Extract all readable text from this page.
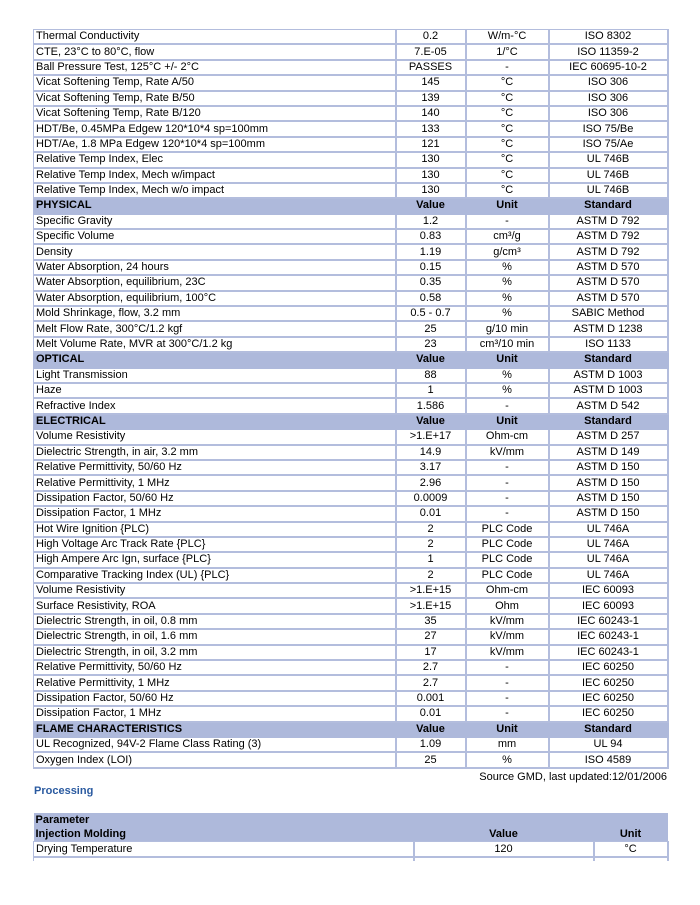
Thermal Conductivity	0.2	W/m-°C	ISO 8302
CTE, 23°C to 80°C, flow	7.E-05	1/°C	ISO 11359-2
Ball Pressure Test, 125°C +/- 2°C	PASSES	-	IEC 60695-10-2
Vicat Softening Temp, Rate A/50	145	°C	ISO 306
Vicat Softening Temp, Rate B/50	139	°C	ISO 306
Vicat Softening Temp, Rate B/120	140	°C	ISO 306
HDT/Be, 0.45MPa Edgew 120*10*4 sp=100mm	133	°C	ISO 75/Be
HDT/Ae, 1.8 MPa Edgew 120*10*4 sp=100mm	121	°C	ISO 75/Ae
Relative Temp Index, Elec	130	°C	UL 746B
Relative Temp Index, Mech w/impact	130	°C	UL 746B
Relative Temp Index, Mech w/o impact	130	°C	UL 746B
PHYSICAL	Value	Unit	Standard
Specific Gravity	1.2	-	ASTM D 792
Specific Volume	0.83	cm³/g	ASTM D 792
Density	1.19	g/cm³	ASTM D 792
Water Absorption, 24 hours	0.15	%	ASTM D 570
Water Absorption, equilibrium, 23C	0.35	%	ASTM D 570
Water Absorption, equilibrium, 100°C	0.58	%	ASTM D 570
Mold Shrinkage, flow, 3.2 mm	0.5 - 0.7	%	SABIC Method
Melt Flow Rate, 300°C/1.2 kgf	25	g/10 min	ASTM D 1238
Melt Volume Rate, MVR at 300°C/1.2 kg	23	cm³/10 min	ISO 1133
OPTICAL	Value	Unit	Standard
Light Transmission	88	%	ASTM D 1003
Haze	1	%	ASTM D 1003
Refractive Index	1.586	-	ASTM D 542
ELECTRICAL	Value	Unit	Standard
Volume Resistivity	>1.E+17	Ohm-cm	ASTM D 257
Dielectric Strength, in air, 3.2 mm	14.9	kV/mm	ASTM D 149
Relative Permittivity, 50/60 Hz	3.17	-	ASTM D 150
Relative Permittivity, 1 MHz	2.96	-	ASTM D 150
Dissipation Factor, 50/60 Hz	0.0009	-	ASTM D 150
Dissipation Factor, 1 MHz	0.01	-	ASTM D 150
Hot Wire Ignition {PLC)	2	PLC Code	UL 746A
High Voltage Arc Track Rate {PLC}	2	PLC Code	UL 746A
High Ampere Arc Ign, surface {PLC}	1	PLC Code	UL 746A
Comparative Tracking Index (UL) {PLC}	2	PLC Code	UL 746A
Volume Resistivity	>1.E+15	Ohm-cm	IEC 60093
Surface Resistivity, ROA	>1.E+15	Ohm	IEC 60093
Dielectric Strength, in oil, 0.8 mm	35	kV/mm	IEC 60243-1
Dielectric Strength, in oil, 1.6 mm	27	kV/mm	IEC 60243-1
Dielectric Strength, in oil, 3.2 mm	17	kV/mm	IEC 60243-1
Relative Permittivity, 50/60 Hz	2.7	-	IEC 60250
Relative Permittivity, 1 MHz	2.7	-	IEC 60250
Dissipation Factor, 50/60 Hz	0.001	-	IEC 60250
Dissipation Factor, 1 MHz	0.01	-	IEC 60250
FLAME CHARACTERISTICS	Value	Unit	Standard
UL Recognized, 94V-2 Flame Class Rating (3)	1.09	mm	UL 94
Oxygen Index (LOI)	25	%	ISO 4589
Source GMD, last updated:12/01/2006
Processing
Parameter		
Injection Molding	Value	Unit
Drying Temperature	120	°C
